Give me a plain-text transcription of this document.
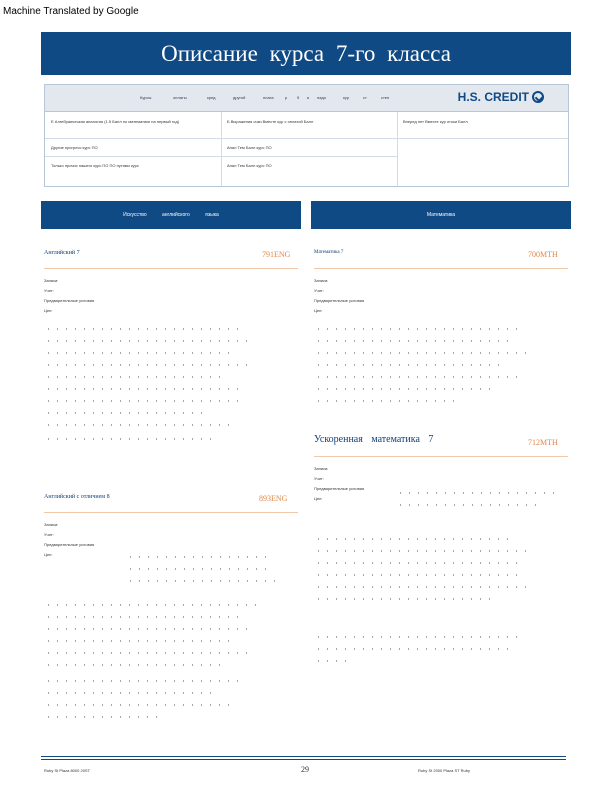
Machine Translated by Google
Описание курса 7-го класса
Курсы	оплаты	кред	другой	плата	р 5 я надо	кур	ст	стен	H.S. CREDIT
Е Алгебраическая аналогия (1.5 Балл по математике на первый год)	Б Выражения очки Вместе кур с оплатой Балл	Вперед нет Вместе кур отоки Балл
Другие прогресс курс ПО	Анал Тем Балл курс ПО
Только прочих нашего курс ПО ПО путями курс	Анал Тем Балл курс ПО
Искусство английского языка	Математика
Английский 7	791ENG
Записи:
Учит:
Предварительные условия
Цел:
Английский с отличием 8	893ENG
Записи:
Учит:
Предварительные условия
Цел:
Математика 7	700MTH
Записи:
Учит:
Предварительные условия
Цел:
Ускоренная математика 7	712MTH
Записи:
Учит:
Предварительные условия
Цел:
Ruby St Plaza 8000 20ST	29	Ruby St 2000 Plaza ST Ruby
